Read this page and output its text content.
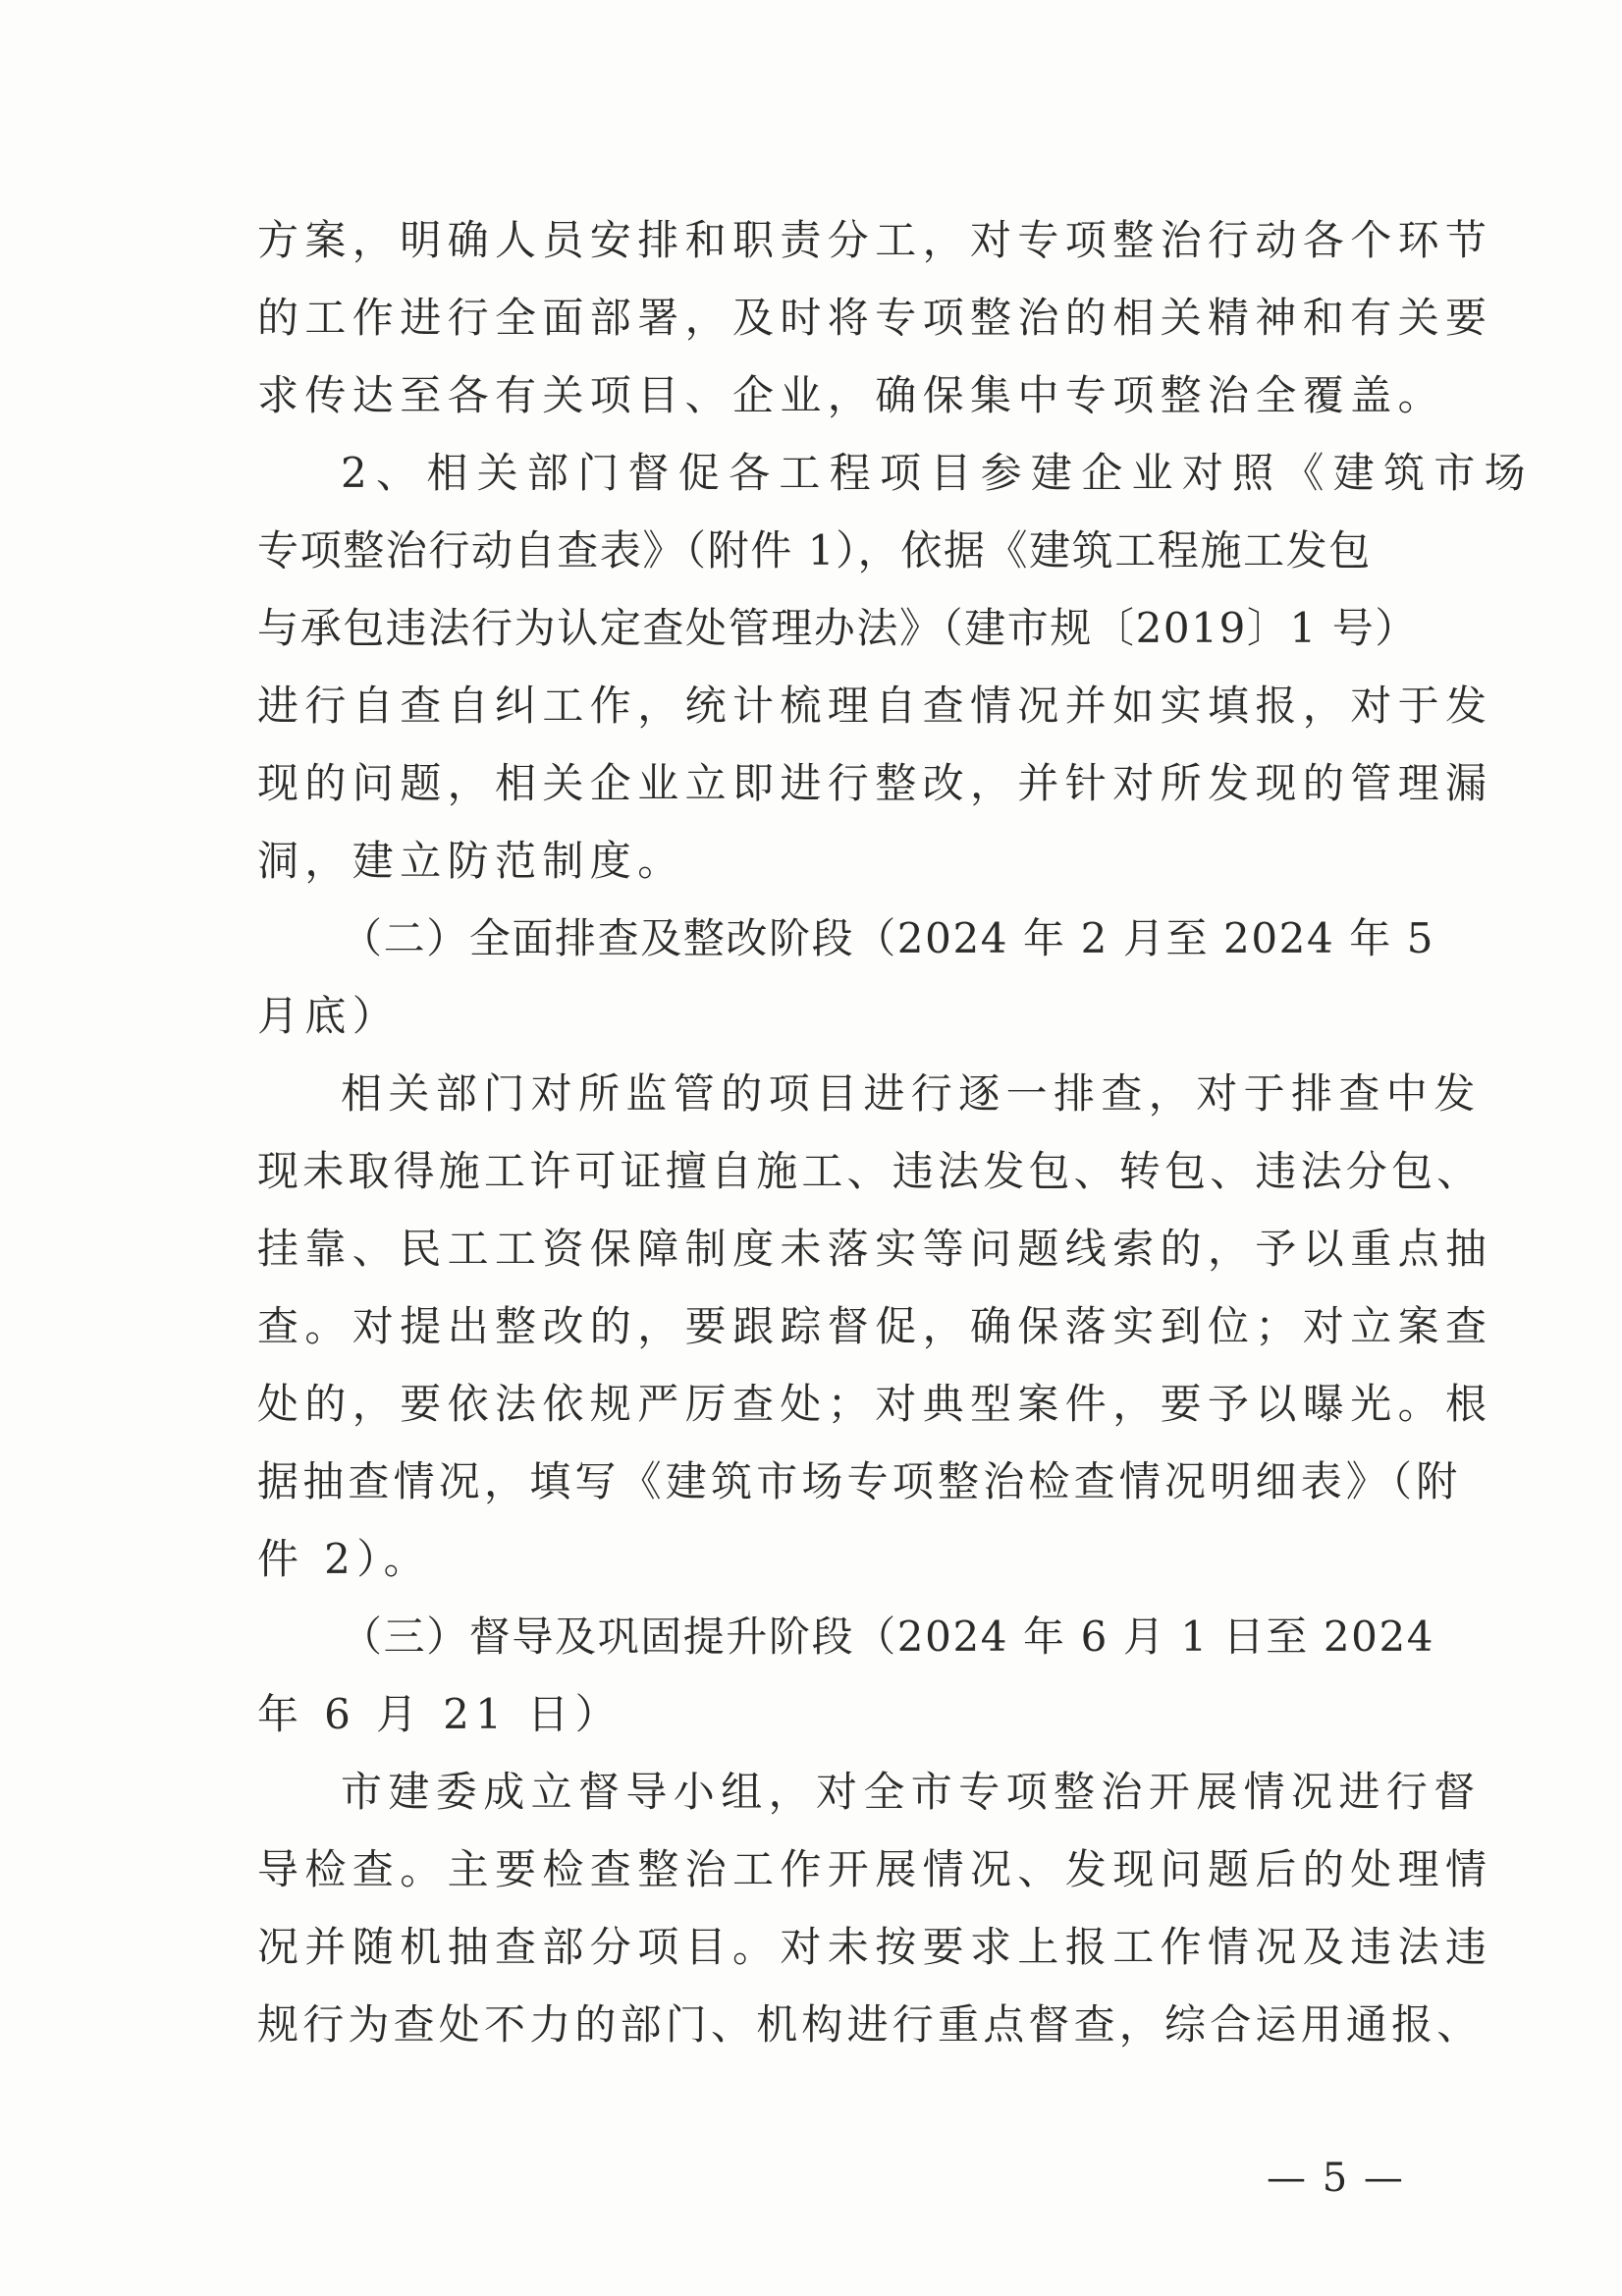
方案，明确人员安排和职责分工，对专项整治行动各个环节
的工作进行全面部署，及时将专项整治的相关精神和有关要
求传达至各有关项目、企业，确保集中专项整治全覆盖。
2、相关部门督促各工程项目参建企业对照《建筑市场
专项整治行动自查表》（附件 1），依据《建筑工程施工发包
与承包违法行为认定查处管理办法》（建市规〔2019〕1 号）
进行自查自纠工作，统计梳理自查情况并如实填报，对于发
现的问题，相关企业立即进行整改，并针对所发现的管理漏
洞，建立防范制度。
（二）全面排查及整改阶段（2024 年 2 月至 2024 年 5
月底）
相关部门对所监管的项目进行逐一排查，对于排查中发
现未取得施工许可证擅自施工、违法发包、转包、违法分包、
挂靠、民工工资保障制度未落实等问题线索的，予以重点抽
查。对提出整改的，要跟踪督促，确保落实到位；对立案查
处的，要依法依规严厉查处；对典型案件，要予以曝光。根
据抽查情况，填写《建筑市场专项整治检查情况明细表》（附
件 2）。
（三）督导及巩固提升阶段（2024 年 6 月 1 日至 2024
年 6 月 21 日）
市建委成立督导小组，对全市专项整治开展情况进行督
导检查。主要检查整治工作开展情况、发现问题后的处理情
况并随机抽查部分项目。对未按要求上报工作情况及违法违
规行为查处不力的部门、机构进行重点督查，综合运用通报、
— 5 —
